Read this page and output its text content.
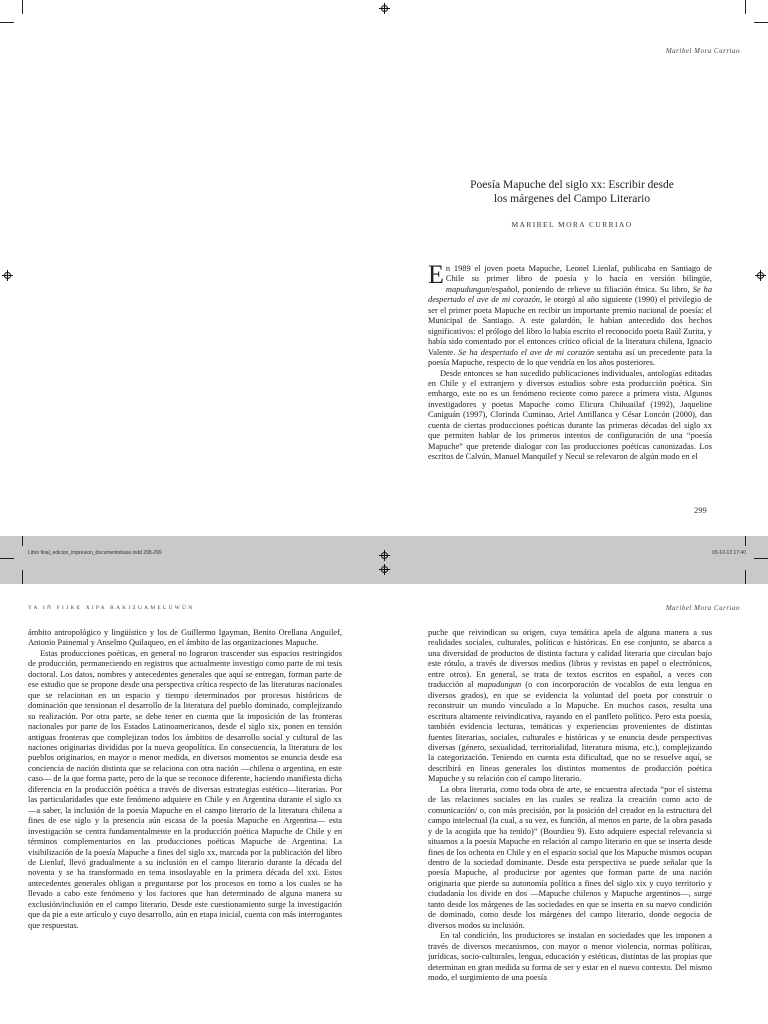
Maribel Mora Curriao
Poesía Mapuche del siglo xx: Escribir desde
los márgenes del Campo Literario
MARIBEL MORA CURRIAO

En 1989 el joven poeta Mapuche, Leonel Lienlaf, publicaba en Santiago de Chile su primer libro de poesía y lo hacía en versión bilingüe, mapudungun/español, poniendo de relieve su filiación étnica. Su libro, Se ha despertado el ave de mi corazón, le otorgó al año siguiente (1990) el privilegio de ser el primer poeta Mapuche en recibir un importante premio nacional de poesía: el Municipal de Santiago. A este galardón, le habían antecedido dos hechos significativos: el prólogo del libro lo había escrito el reconocido poeta Raúl Zurita, y había sido comentado por el entonces crítico oficial de la literatura chilena, Ignacio Valente. Se ha despertado el ave de mi corazón sentaba así un precedente para la poesía Mapuche, respecto de lo que vendría en los años posteriores.

Desde entonces se han sucedido publicaciones individuales, antologías editadas en Chile y el extranjero y diversos estudios sobre esta producción poética. Sin embargo, este no es un fenómeno reciente como parece a primera vista. Algunos investigadores y poetas Mapuche como Elicura Chihuailaf (1992), Jaqueline Caniguán (1997), Clorinda Cuminao, Ariel Antillanca y César Loncón (2000), dan cuenta de ciertas producciones poéticas durante las primeras décadas del siglo xx que permiten hablar de los primeros intentos de configuración de una “poesía Mapuche” que pretende dialogar con las producciones poéticas canonizadas. Los escritos de Calvún, Manuel Manquilef y Necul se relevaron de algún modo en el

299
Libro final_edicion_impresion_documentobase.indd 298-299	03-10-13 17:40
YA IÑ FIJKE XIPA RAKIZUAMELUWÜN	Maribel Mora Curriao

ámbito antropológico y lingüístico y los de Guillermo Igayman, Benito Orellana Anguilef, Antonio Painemal y Anselmo Quilaqueo, en el ámbito de las organizaciones Mapuche.

Estas producciones poéticas, en general no lograron trascender sus espacios restringidos de producción, permaneciendo en registros que actualmente investigo como parte de mi tesis doctoral. Los datos, nombres y antecedentes generales que aquí se entregan, forman parte de ese estudio que se propone desde una perspectiva crítica respecto de las literaturas nacionales que se relacionan en un espacio y tiempo determinados por procesos históricos de dominación que tensionan el desarrollo de la literatura del pueblo dominado, complejizando su realización. Por otra parte, se debe tener en cuenta que la imposición de las fronteras nacionales por parte de los Estados Latinoamericanos, desde el siglo xix, ponen en tensión antiguas fronteras que complejizan todos los ámbitos de desarrollo social y cultural de las naciones originarias divididas por la nueva geopolítica. En consecuencia, la literatura de los pueblos originarios, en mayor o menor medida, en diversos momentos se enuncia desde esa conciencia de nación distinta que se relaciona con otra nación —chilena o argentina, en este caso— de la que forma parte, pero de la que se reconoce diferente, haciendo manifiesta dicha diferencia en la producción poética a través de diversas estrategias estético—literarias. Por las particularidades que este fenómeno adquiere en Chile y en Argentina durante el siglo xx —a saber, la inclusión de la poesía Mapuche en el campo literario de la literatura chilena a fines de ese siglo y la presencia aún escasa de la poesía Mapuche en Argentina— esta investigación se centra fundamentalmente en la producción poética Mapuche de Chile y en términos complementarios en las producciones poéticas Mapuche de Argentina. La visibilización de la poesía Mapuche a fines del siglo xx, marcada por la publicación del libro de Lienlaf, llevó gradualmente a su inclusión en el campo literario durante la década del noventa y se ha transformado en tema insoslayable en la primera década del xxi. Estos antecedentes generales obligan a preguntarse por los procesos en torno a los cuales se ha llevado a cabo este fenómeno y los factores que han determinado de alguna manera su exclusión/inclusión en el campo literario. Desde este cuestionamiento surge la investigación que da pie a este artículo y cuyo desarrollo, aún en etapa inicial, cuenta con más interrogantes que respuestas.

puche que reivindican su origen, cuya temática apela de alguna manera a sus realidades sociales, culturales, políticas e históricas. En ese conjunto, se abarca a una diversidad de productos de distinta factura y calidad literaria que circulan bajo este rótulo, a través de diversos medios (libros y revistas en papel o electrónicos, entre otros). En general, se trata de textos escritos en español, a veces con traducción al mapudungun (o con incorporación de vocablos de esta lengua en diversos grados), en que se evidencia la voluntad del poeta por construir o reconstruir un mundo vinculado a lo Mapuche. En muchos casos, resulta una escritura altamente reivindicativa, rayando en el panfleto político. Pero esta poesía, también evidencia lecturas, temáticas y experiencias provenientes de distintas fuentes literarias, sociales, culturales e históricas y se enuncia desde perspectivas diversas (género, sexualidad, territorialidad, literatura misma, etc.), complejizando la categorización. Teniendo en cuenta esta dificultad, que no se resuelve aquí, se describirá en líneas generales los distintos momentos de producción poética Mapuche y su relación con el campo literario.

La obra literaria, como toda obra de arte, se encuentra afectada “por el sistema de las relaciones sociales en las cuales se realiza la creación como acto de comunicación/ o, con más precisión, por la posición del creador en la estructura del campo intelectual (la cual, a su vez, es función, al menos en parte, de la obra pasada y de la acogida que ha tenido)” (Bourdieu 9). Esto adquiere especial relevancia si situamos a la poesía Mapuche en relación al campo literario en que se inserta desde fines de los ochenta en Chile y en el espacio social que los Mapuche mismos ocupan dentro de la sociedad dominante. Desde esta perspectiva se puede señalar que la poesía Mapuche, al producirse por agentes que forman parte de una nación originaria que pierde su autonomía política a fines del siglo xix y cuyo territorio y ciudadanía los divide en dos —Mapuche chilenos y Mapuche argentinos—, surge tanto desde los márgenes de las sociedades en que se inserta en su nuevo condición de dominado, como desde los márgenes del campo literario, donde negocia de diversos modos su inclusión.

En tal condición, los productores se instalan en sociedades que les imponen a través de diversos mecanismos, con mayor o menor violencia, normas políticas, jurídicas, socio-culturales, lengua, educación y estéticas, distintas de las propias que determinan en gran medida su forma de ser y estar en el nuevo contexto. Del mismo modo, el surgimiento de una poesía
